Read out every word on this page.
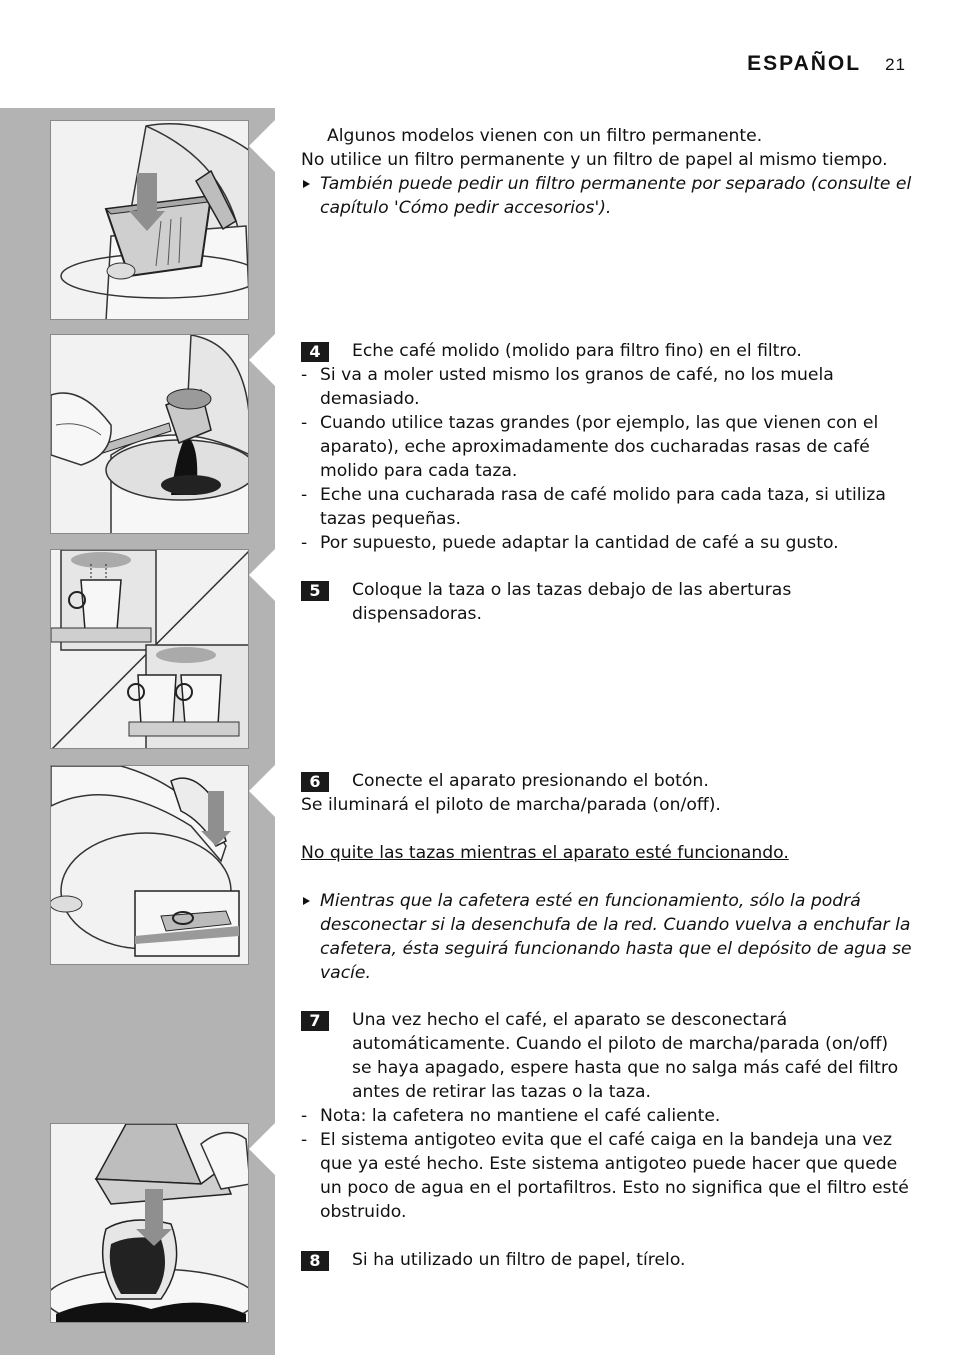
ESPAÑOL 21

Algunos modelos vienen con un filtro permanente.

No utilice un filtro permanente y un filtro de papel al mismo tiempo.

También puede pedir un filtro permanente por separado (consulte el capítulo 'Cómo pedir accesorios').
4	Eche café molido (molido para filtro fino) en el filtro.
- Si va a moler usted mismo los granos de café, no los muela demasiado.
- Cuando utilice tazas grandes (por ejemplo, las que vienen con el aparato), eche aproximadamente dos cucharadas rasas de café molido para cada taza.
- Eche una cucharada rasa de café molido para cada taza, si utiliza tazas pequeñas.
- Por supuesto, puede adaptar la cantidad de café a su gusto.
5	Coloque la taza o las tazas debajo de las aberturas dispensadoras.
6	Conecte el aparato presionando el botón.

Se iluminará el piloto de marcha/parada (on/off).

No quite las tazas mientras el aparato esté funcionando.

Mientras que la cafetera esté en funcionamiento, sólo la podrá desconectar si la desenchufa de la red. Cuando vuelva a enchufar la cafetera, ésta seguirá funcionando hasta que el depósito de agua se vacíe.
7	Una vez hecho el café, el aparato se desconectará automáticamente. Cuando el piloto de marcha/parada (on/off) se haya apagado, espere hasta que no salga más café del filtro antes de retirar las tazas o la taza.
- Nota: la cafetera no mantiene el café caliente.
- El sistema antigoteo evita que el café caiga en la bandeja una vez que ya esté hecho. Este sistema antigoteo puede hacer que quede un poco de agua en el portafiltros. Esto no significa que el filtro esté obstruido.
8	Si ha utilizado un filtro de papel, tírelo.
